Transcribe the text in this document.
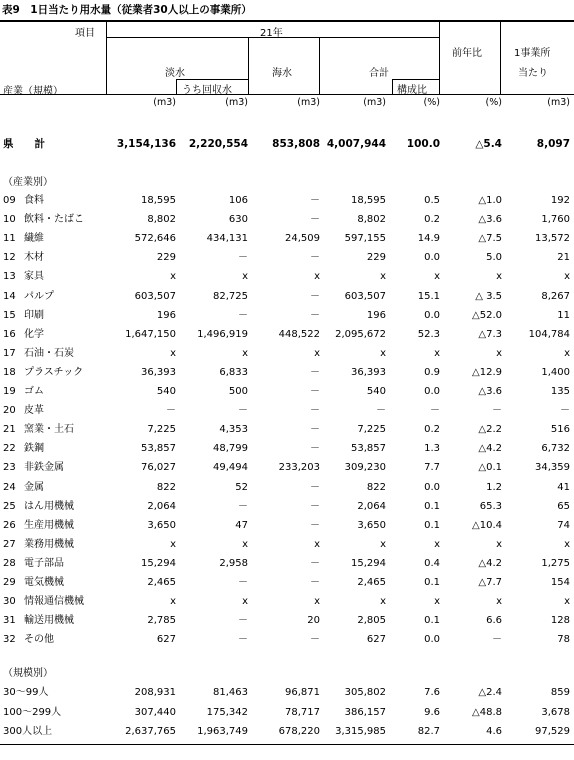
表9　1日当たり用水量（従業者30人以上の事業所）
項目
産業（規模）
21年
淡水
うち回収水
海水	合計
構成比
前年比	1事業所
当たり
(m3)	(m3)	(m3)	(m3)	(%)	(%)	(m3)
県　　計	3,154,136 2,220,554 853,808 4,007,944 100.0	△5.4	8,097
（産業別）
09 食料	18,595	106	－	18,595	0.5	△1.0	192
10 飲料・たばこ	8,802	630	－	8,802	0.2	△3.6	1,760
11 繊維	572,646	434,131	24,509 597,155	14.9	△7.5	13,572
12 木材	229	－	－	229	0.0	5.0	21
13 家具	x	x	x	x	x	x	x
14 パルプ	603,507	82,725	－ 603,507	15.1	△ 3.5	8,267
15 印刷	196	－	－	196	0.0	△52.0	11
16 化学	1,647,150 1,496,919	448,522 2,095,672	52.3	△7.3	104,784
17 石油・石炭	x	x	x	x	x	x	x
18 プラスチック	36,393	6,833	－	36,393	0.9	△12.9	1,400
19 ゴム	540	500	－	540	0.0	△3.6	135
20 皮革	－	－	－	－	－	－	－
21 窯業・土石	7,225	4,353	－	7,225	0.2	△2.2	516
22 鉄鋼	53,857	48,799	－	53,857	1.3	△4.2	6,732
23 非鉄金属	76,027	49,494	233,203 309,230	7.7	△0.1	34,359
24 金属	822	52	－	822	0.0	1.2	41
25 はん用機械	2,064	－	－	2,064	0.1	65.3	65
26 生産用機械	3,650	47	－	3,650	0.1	△10.4	74
27 業務用機械	x	x	x	x	x	x	x
28 電子部品	15,294	2,958	－	15,294	0.4	△4.2	1,275
29 電気機械	2,465	－	－	2,465	0.1	△7.7	154
30 情報通信機械	x	x	x	x	x	x	x
31 輸送用機械	2,785	－	20	2,805	0.1	6.6	128
32 その他	627	－	－	627	0.0	－	78
（規模別）
30～99人	208,931	81,463	96,871 305,802	7.6	△2.4	859
100～299人	307,440	175,342	78,717 386,157	9.6	△48.8	3,678
300人以上	2,637,765 1,963,749	678,220 3,315,985	82.7	4.6	97,529
